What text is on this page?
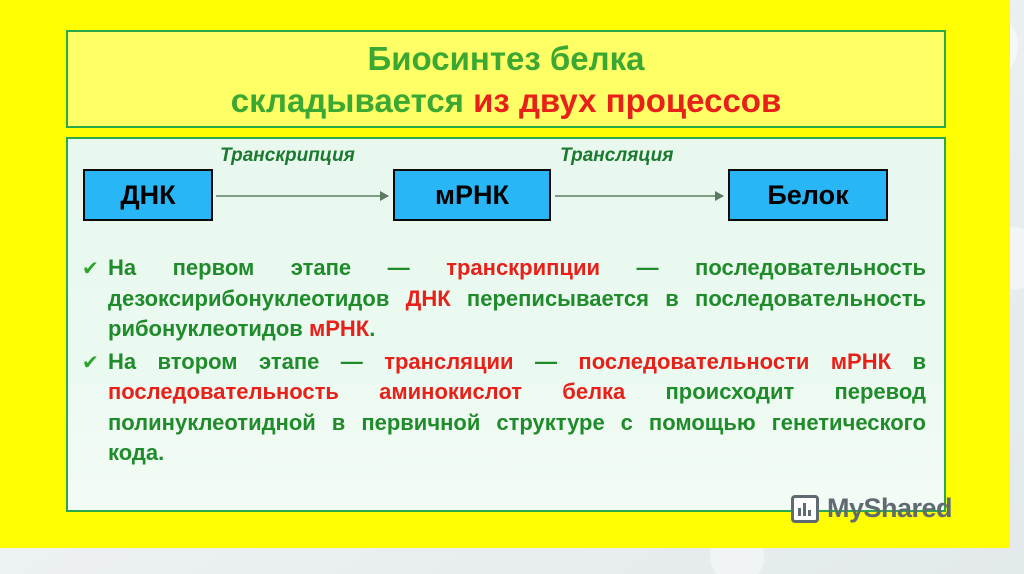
Биосинтез белка
складывается из двух процессов
ДНК	мРНК	Белок
Транскрипция	Трансляция
✔ На первом этапе — транскрипции — последовательность дезоксирибонуклеотидов ДНК переписывается в последовательность рибонуклеотидов мРНК.
✔ На втором этапе — трансляции — последовательности мРНК в последовательность аминокислот белка происходит перевод полинуклеотидной в первичной структуре с помощью генетического кода.
MyShared
